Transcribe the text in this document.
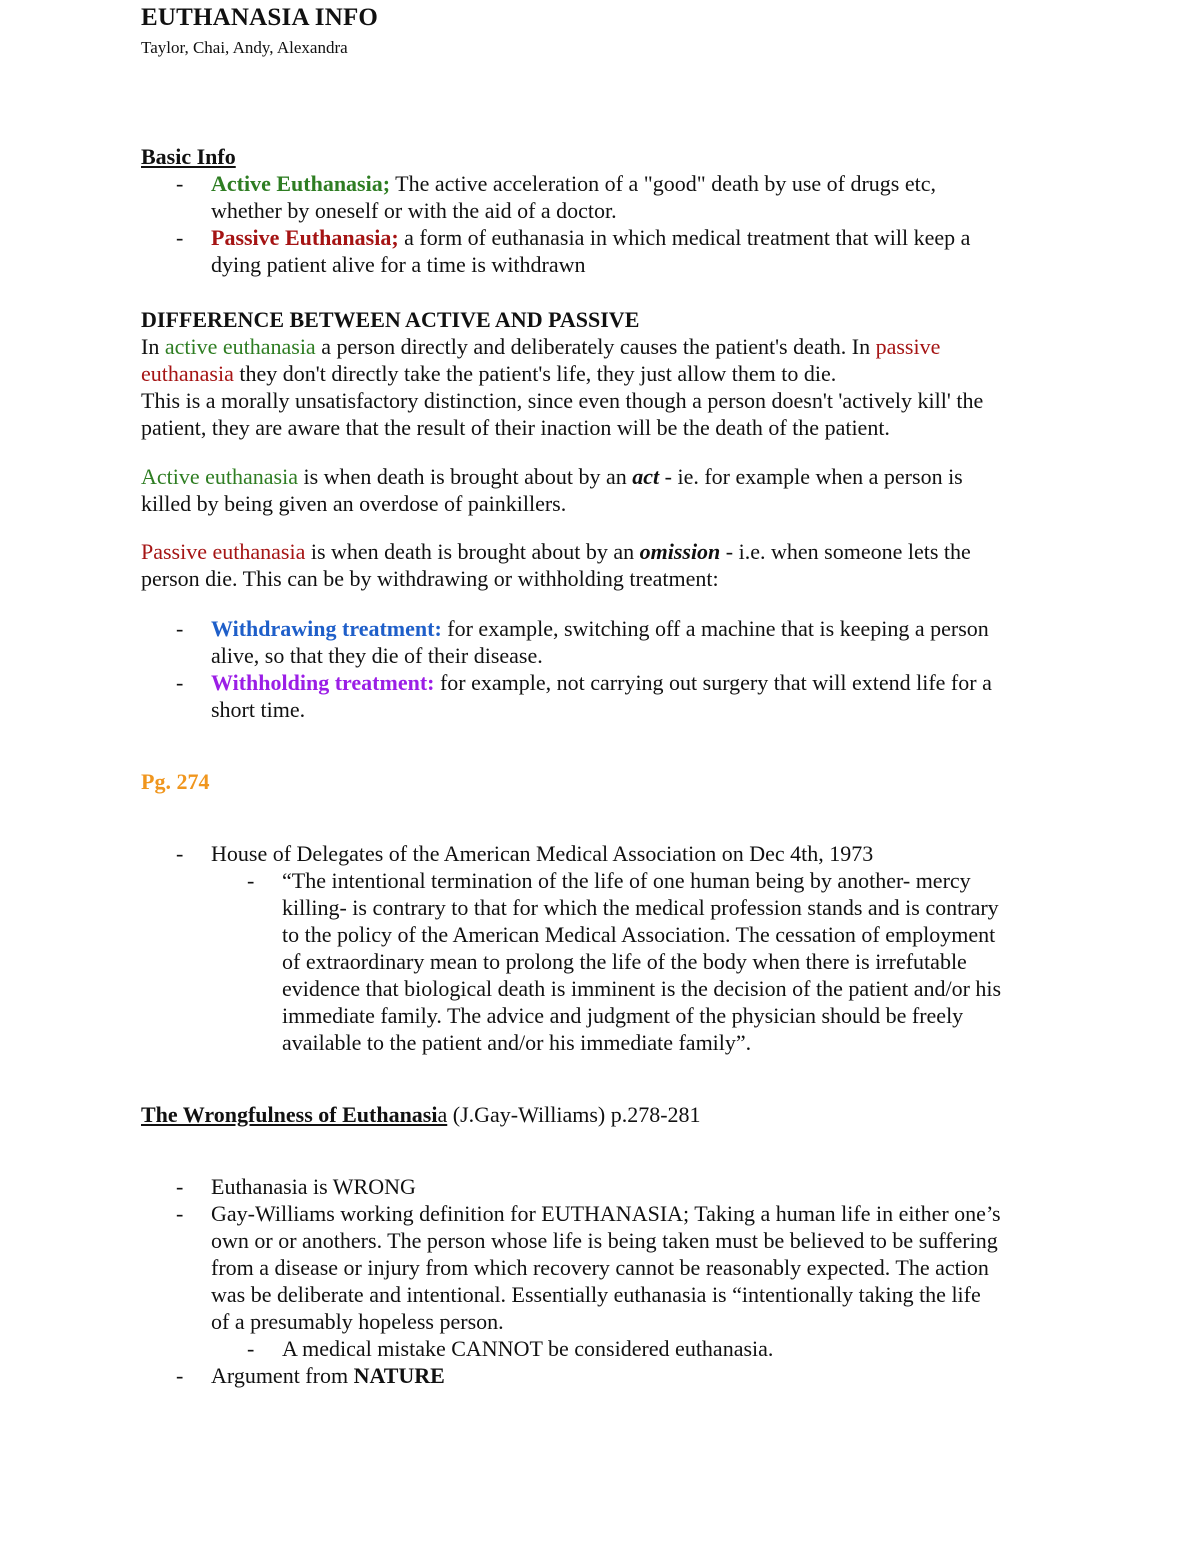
EUTHANASIA INFO
Taylor, Chai, Andy, Alexandra
Basic Info
- Active Euthanasia; The active acceleration of a "good" death by use of drugs etc,
whether by oneself or with the aid of a doctor.
- Passive Euthanasia; a form of euthanasia in which medical treatment that will keep a
dying patient alive for a time is withdrawn
DIFFERENCE BETWEEN ACTIVE AND PASSIVE
In active euthanasia a person directly and deliberately causes the patient's death. In passive
euthanasia they don't directly take the patient's life, they just allow them to die.
This is a morally unsatisfactory distinction, since even though a person doesn't 'actively kill' the
patient, they are aware that the result of their inaction will be the death of the patient.
Active euthanasia is when death is brought about by an act - ie. for example when a person is
killed by being given an overdose of painkillers.
Passive euthanasia is when death is brought about by an omission - i.e. when someone lets the
person die. This can be by withdrawing or withholding treatment:
- Withdrawing treatment: for example, switching off a machine that is keeping a person
alive, so that they die of their disease.
- Withholding treatment: for example, not carrying out surgery that will extend life for a
short time.
Pg. 274
- House of Delegates of the American Medical Association on Dec 4th, 1973
- “The intentional termination of the life of one human being by another- mercy
killing- is contrary to that for which the medical profession stands and is contrary
to the policy of the American Medical Association. The cessation of employment
of extraordinary mean to prolong the life of the body when there is irrefutable
evidence that biological death is imminent is the decision of the patient and/or his
immediate family. The advice and judgment of the physician should be freely
available to the patient and/or his immediate family”.
The Wrongfulness of Euthanasia (J.Gay-Williams) p.278-281
- Euthanasia is WRONG
- Gay-Williams working definition for EUTHANASIA; Taking a human life in either one’s
own or or anothers. The person whose life is being taken must be believed to be suffering
from a disease or injury from which recovery cannot be reasonably expected. The action
was be deliberate and intentional. Essentially euthanasia is “intentionally taking the life
of a presumably hopeless person.
- A medical mistake CANNOT be considered euthanasia.
- Argument from NATURE
